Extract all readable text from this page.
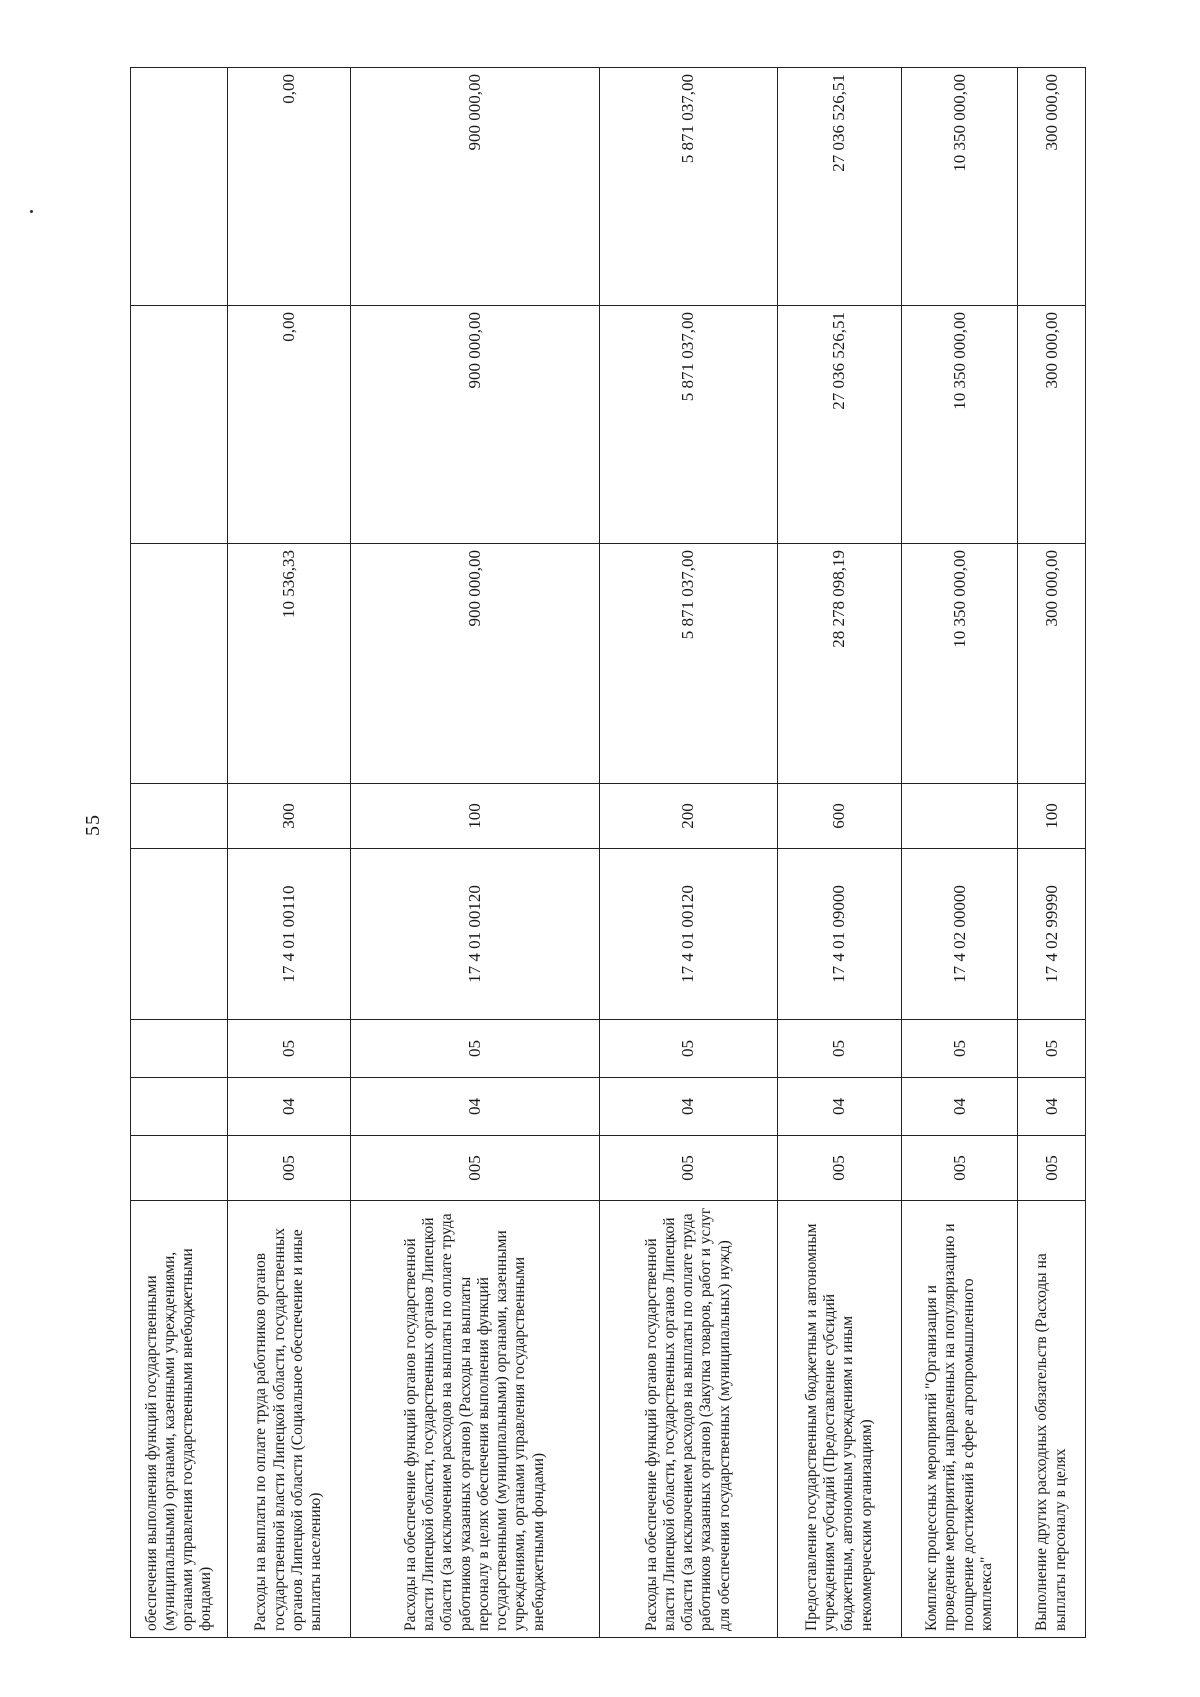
55
обеспечения выполнения функций государственными (муниципальными) органами, казенными учреждениями, органами управления государственными внебюджетными фондами)								
Расходы на выплаты по оплате труда работников органов государственной власти Липецкой области, государственных органов Липецкой области (Социальное обеспечение и иные выплаты населению)	005	04	05	17 4 01 00110	300	10 536,33	0,00	0,00
Расходы на обеспечение функций органов государственной власти Липецкой области, государственных органов Липецкой области (за исключением расходов на выплаты по оплате труда работников указанных органов) (Расходы на выплаты персоналу в целях обеспечения выполнения функций государственными (муниципальными) органами, казенными учреждениями, органами управления государственными внебюджетными фондами)	005	04	05	17 4 01 00120	100	900 000,00	900 000,00	900 000,00
Расходы на обеспечение функций органов государственной власти Липецкой области, государственных органов Липецкой области (за исключением расходов на выплаты по оплате труда работников указанных органов) (Закупка товаров, работ и услуг для обеспечения государственных (муниципальных) нужд)	005	04	05	17 4 01 00120	200	5 871 037,00	5 871 037,00	5 871 037,00
Предоставление государственным бюджетным и автономным учреждениям субсидий (Предоставление субсидий бюджетным, автономным учреждениям и иным некоммерческим организациям)	005	04	05	17 4 01 09000	600	28 278 098,19	27 036 526,51	27 036 526,51
Комплекс процессных мероприятий "Организация и проведение мероприятий, направленных на популяризацию и поощрение достижений в сфере агропромышленного комплекса"	005	04	05	17 4 02 00000		10 350 000,00	10 350 000,00	10 350 000,00
Выполнение других расходных обязательств (Расходы на выплаты персоналу в целях	005	04	05	17 4 02 99990	100	300 000,00	300 000,00	300 000,00
